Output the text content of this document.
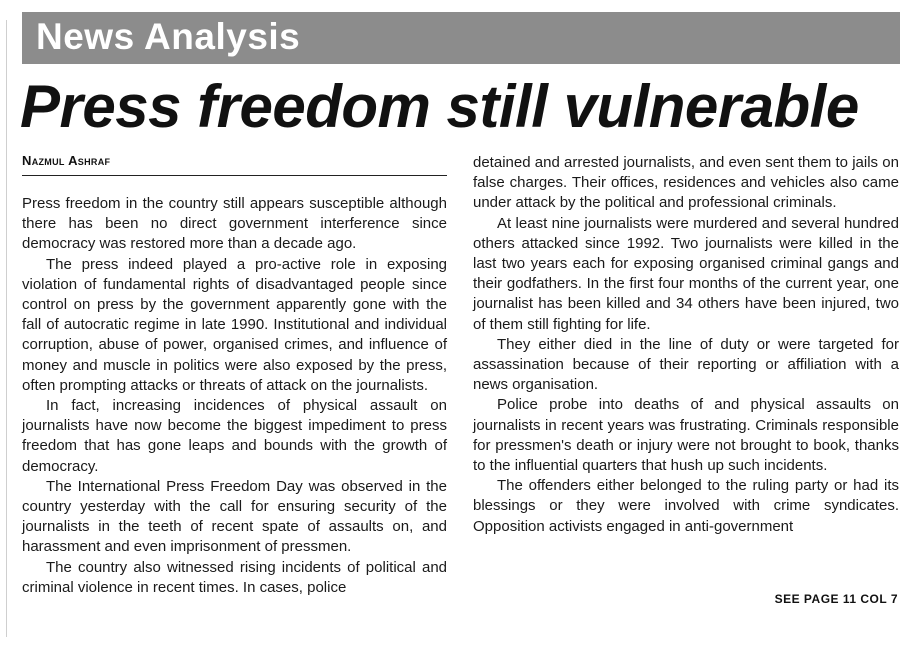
News Analysis
Press freedom still vulnerable
Nazmul Ashraf

Press freedom in the country still appears susceptible although there has been no direct government interference since democracy was restored more than a decade ago.

The press indeed played a pro-active role in exposing violation of fundamental rights of disadvantaged people since control on press by the government apparently gone with the fall of autocratic regime in late 1990. Institutional and individual corruption, abuse of power, organised crimes, and influence of money and muscle in politics were also exposed by the press, often prompting attacks or threats of attack on the journalists.

In fact, increasing incidences of physical assault on journalists have now become the biggest impediment to press freedom that has gone leaps and bounds with the growth of democracy.

The International Press Freedom Day was observed in the country yesterday with the call for ensuring security of the journalists in the teeth of recent spate of assaults on, and harassment and even imprisonment of pressmen.

The country also witnessed rising incidents of political and criminal violence in recent times. In cases, police

detained and arrested journalists, and even sent them to jails on false charges. Their offices, residences and vehicles also came under attack by the political and professional criminals.

At least nine journalists were murdered and several hundred others attacked since 1992. Two journalists were killed in the last two years each for exposing organised criminal gangs and their godfathers. In the first four months of the current year, one journalist has been killed and 34 others have been injured, two of them still fighting for life.

They either died in the line of duty or were targeted for assassination because of their reporting or affiliation with a news organisation.

Police probe into deaths of and physical assaults on journalists in recent years was frustrating. Criminals responsible for pressmen's death or injury were not brought to book, thanks to the influential quarters that hush up such incidents.

The offenders either belonged to the ruling party or had its blessings or they were involved with crime syndicates. Opposition activists engaged in anti-government

SEE PAGE 11 COL 7
